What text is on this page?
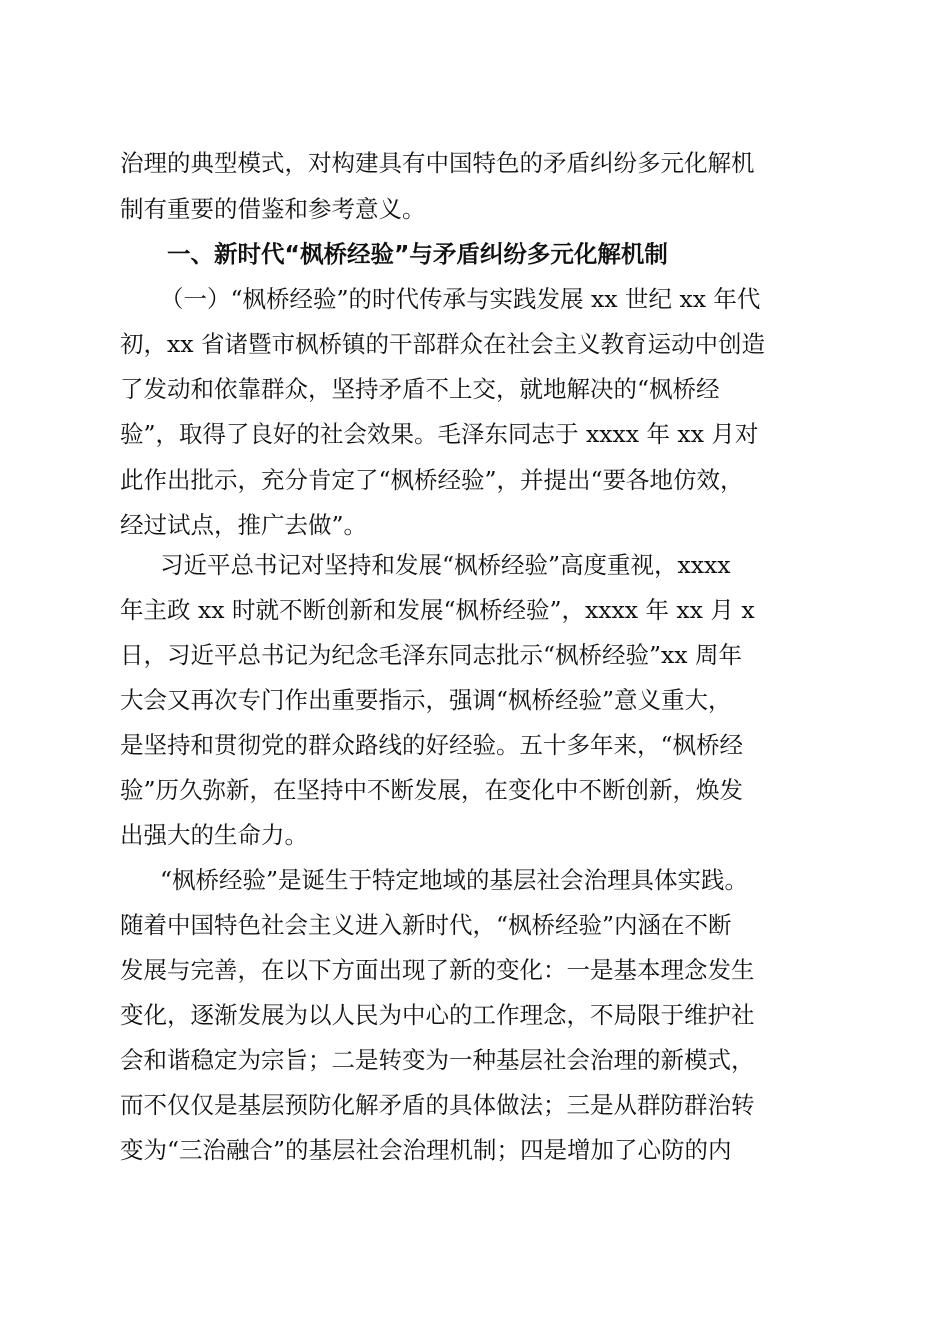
治理的典型模式，对构建具有中国特色的矛盾纠纷多元化解机
制有重要的借鉴和参考意义。
一、新时代“枫桥经验”与矛盾纠纷多元化解机制
（一）“枫桥经验”的时代传承与实践发展 xx 世纪 xx 年代
初，xx 省诸暨市枫桥镇的干部群众在社会主义教育运动中创造
了发动和依靠群众，坚持矛盾不上交，就地解决的“枫桥经
验”，取得了良好的社会效果。毛泽东同志于 xxxx 年 xx 月对
此作出批示，充分肯定了“枫桥经验”，并提出“要各地仿效，
经过试点，推广去做”。
习近平总书记对坚持和发展“枫桥经验”高度重视，xxxx
年主政 xx 时就不断创新和发展“枫桥经验”，xxxx 年 xx 月 x
日，习近平总书记为纪念毛泽东同志批示“枫桥经验”xx 周年
大会又再次专门作出重要指示，强调“枫桥经验”意义重大，
是坚持和贯彻党的群众路线的好经验。五十多年来，“枫桥经
验”历久弥新，在坚持中不断发展，在变化中不断创新，焕发
出强大的生命力。
“枫桥经验”是诞生于特定地域的基层社会治理具体实践。
随着中国特色社会主义进入新时代，“枫桥经验”内涵在不断
发展与完善，在以下方面出现了新的变化：一是基本理念发生
变化，逐渐发展为以人民为中心的工作理念，不局限于维护社
会和谐稳定为宗旨；二是转变为一种基层社会治理的新模式，
而不仅仅是基层预防化解矛盾的具体做法；三是从群防群治转
变为“三治融合”的基层社会治理机制；四是增加了心防的内
